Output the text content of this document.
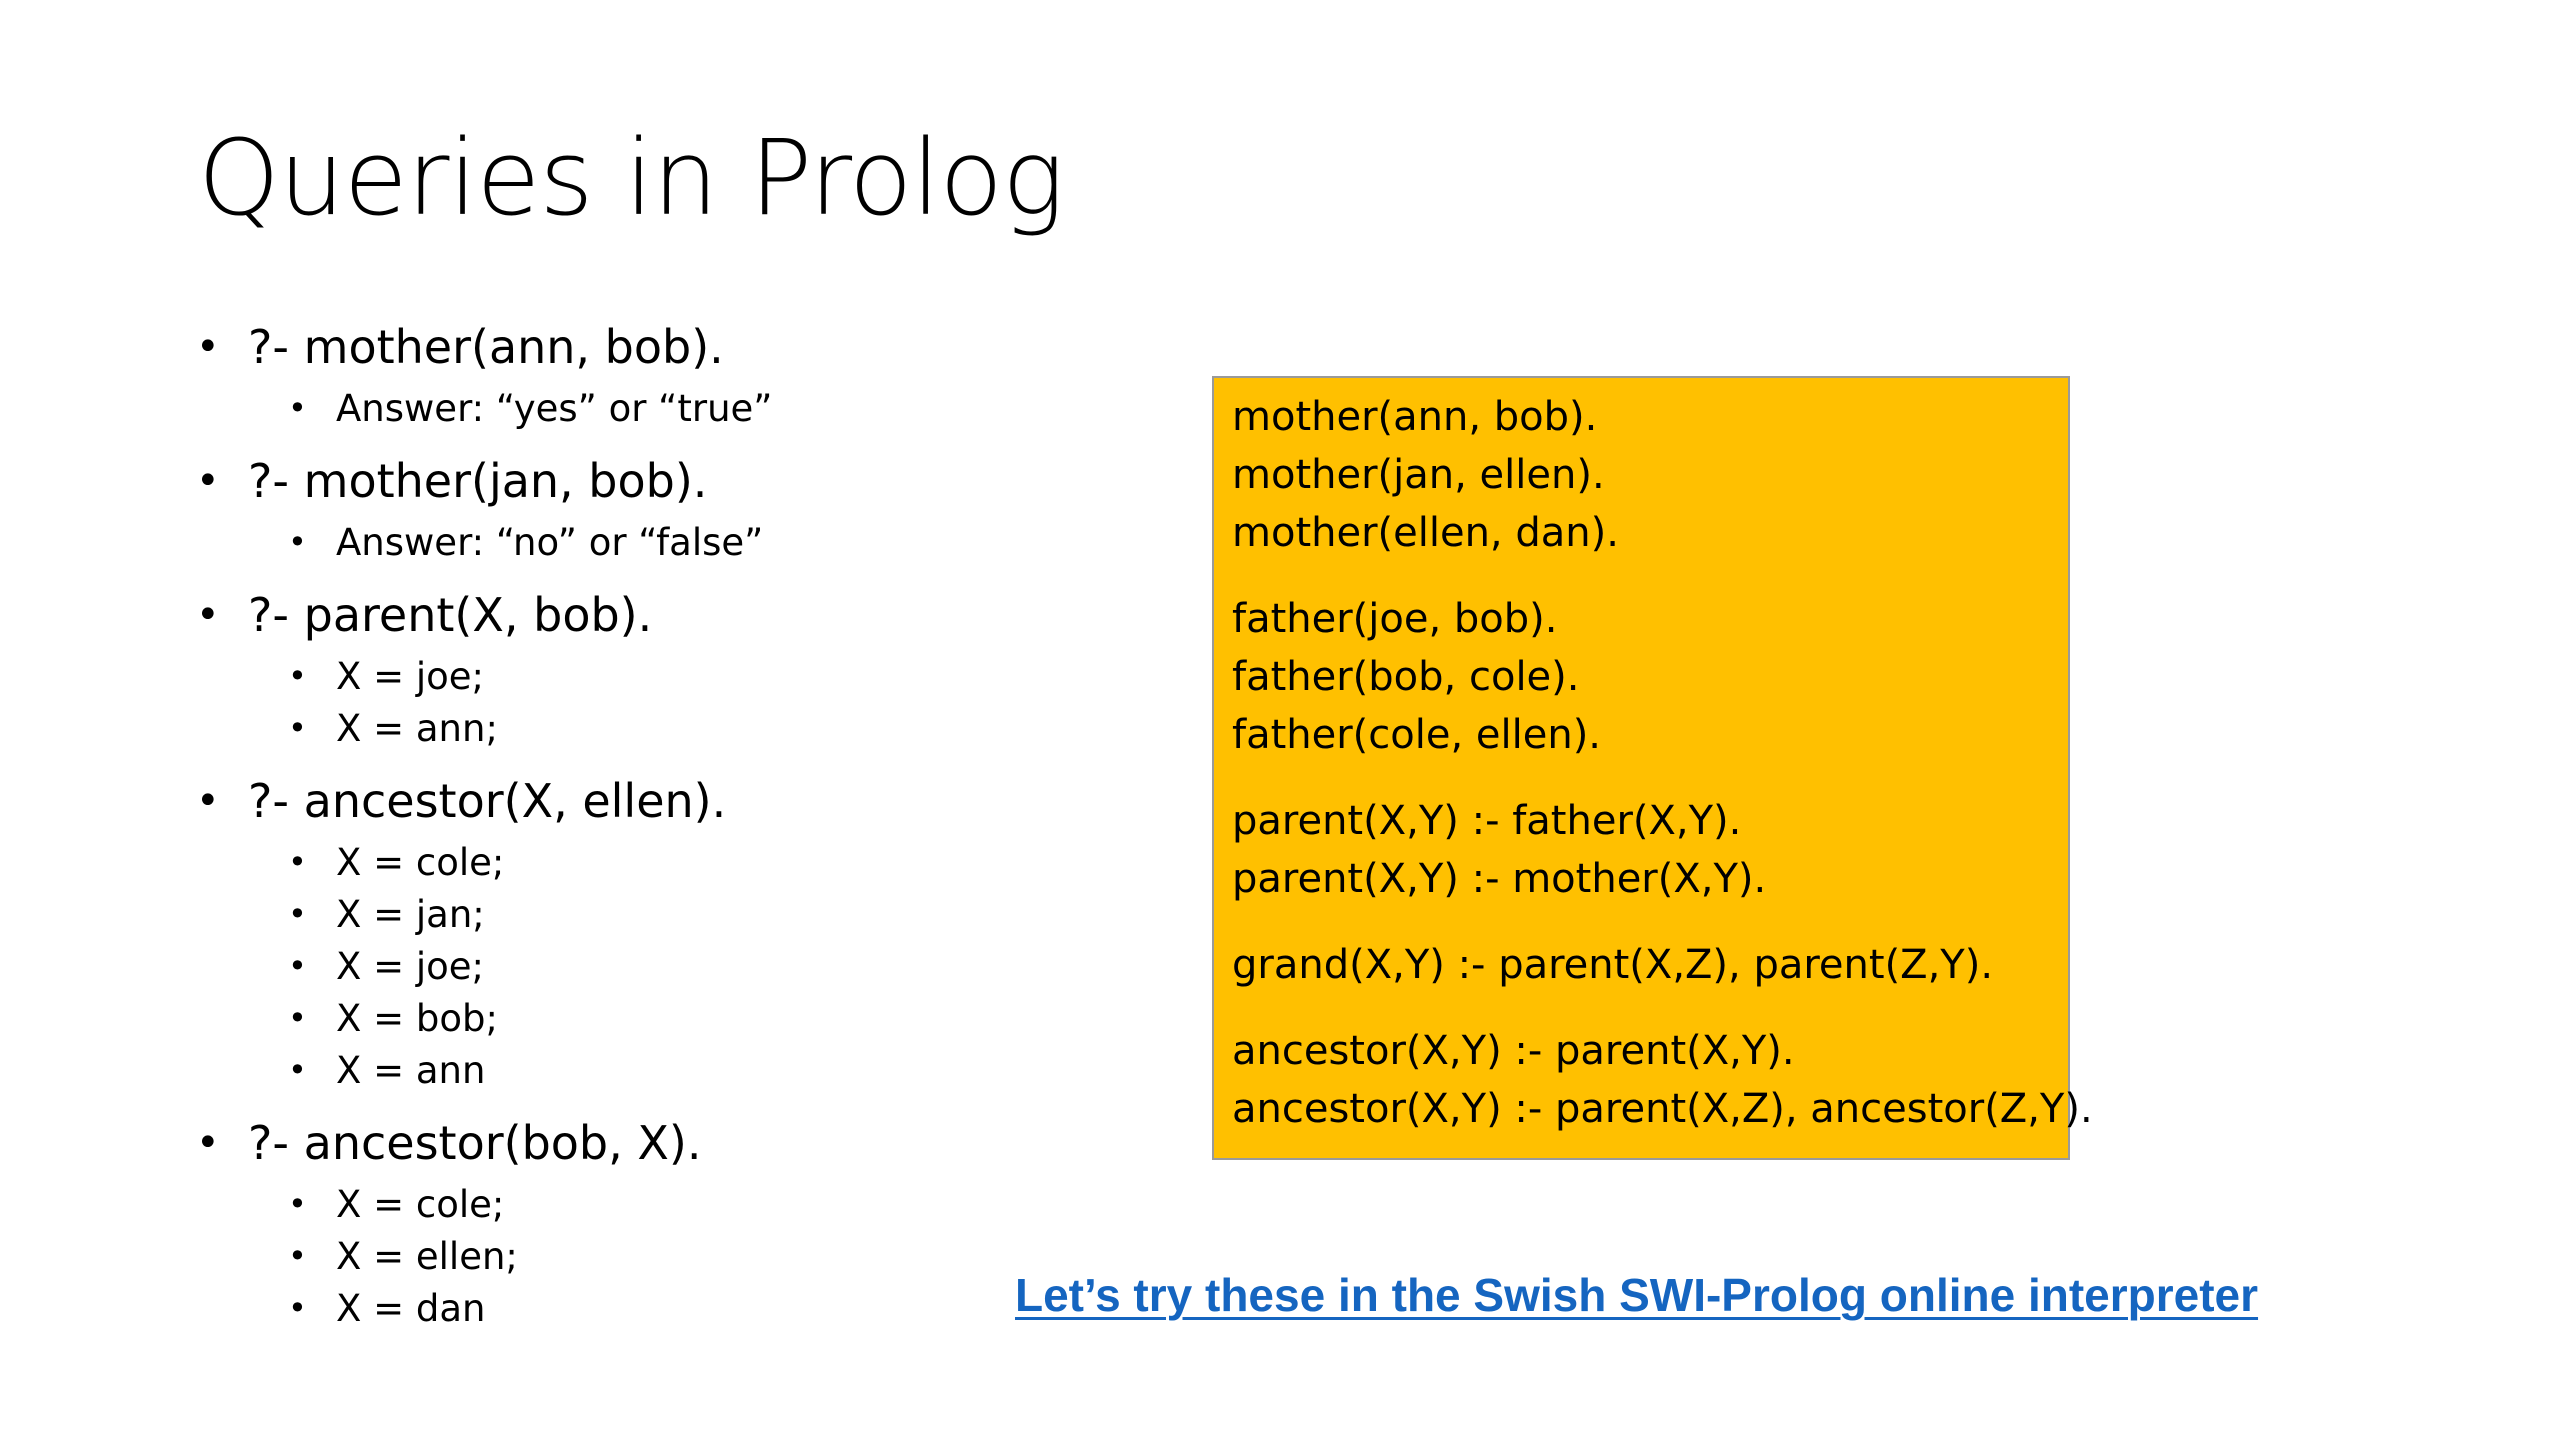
Queries in Prolog
• ?- mother(ann, bob).
• Answer: “yes” or “true”
• ?- mother(jan, bob).
• Answer: “no” or “false”
• ?- parent(X, bob).
• X = joe;
• X = ann;
• ?- ancestor(X, ellen).
• X = cole;
• X = jan;
• X = joe;
• X = bob;
• X = ann
• ?- ancestor(bob, X).
• X = cole;
• X = ellen;
• X = dan
mother(ann, bob).
mother(jan, ellen).
mother(ellen, dan).
father(joe, bob).
father(bob, cole).
father(cole, ellen).
parent(X,Y) :- father(X,Y).
parent(X,Y) :- mother(X,Y).
grand(X,Y) :- parent(X,Z), parent(Z,Y).
ancestor(X,Y) :- parent(X,Y).
ancestor(X,Y) :- parent(X,Z), ancestor(Z,Y).
Let’s try these in the Swish SWI-Prolog online interpreter
